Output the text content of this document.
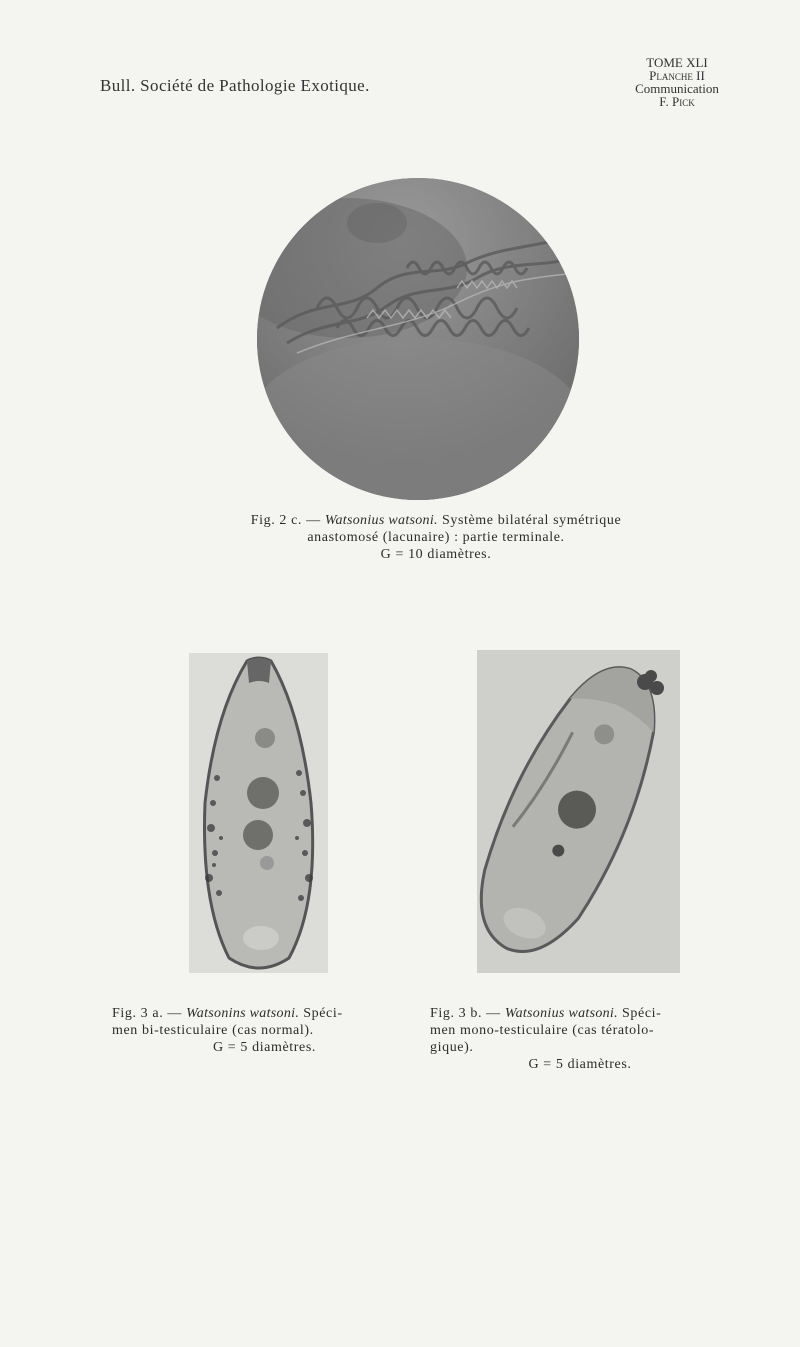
Bull. Société de Pathologie Exotique.
TOME XLI
Planche II
Communication
F. Pick
Fig. 2 c. — Watsonius watsoni. Système bilatéral symétrique
anastomosé (lacunaire) : partie terminale.
G = 10 diamètres.
Fig. 3 a. — Watsonins watsoni. Spéci-
men bi-testiculaire (cas normal).
G = 5 diamètres.
Fig. 3 b. — Watsonius watsoni. Spéci-
men mono-testiculaire (cas tératolo-
gique).
G = 5 diamètres.
